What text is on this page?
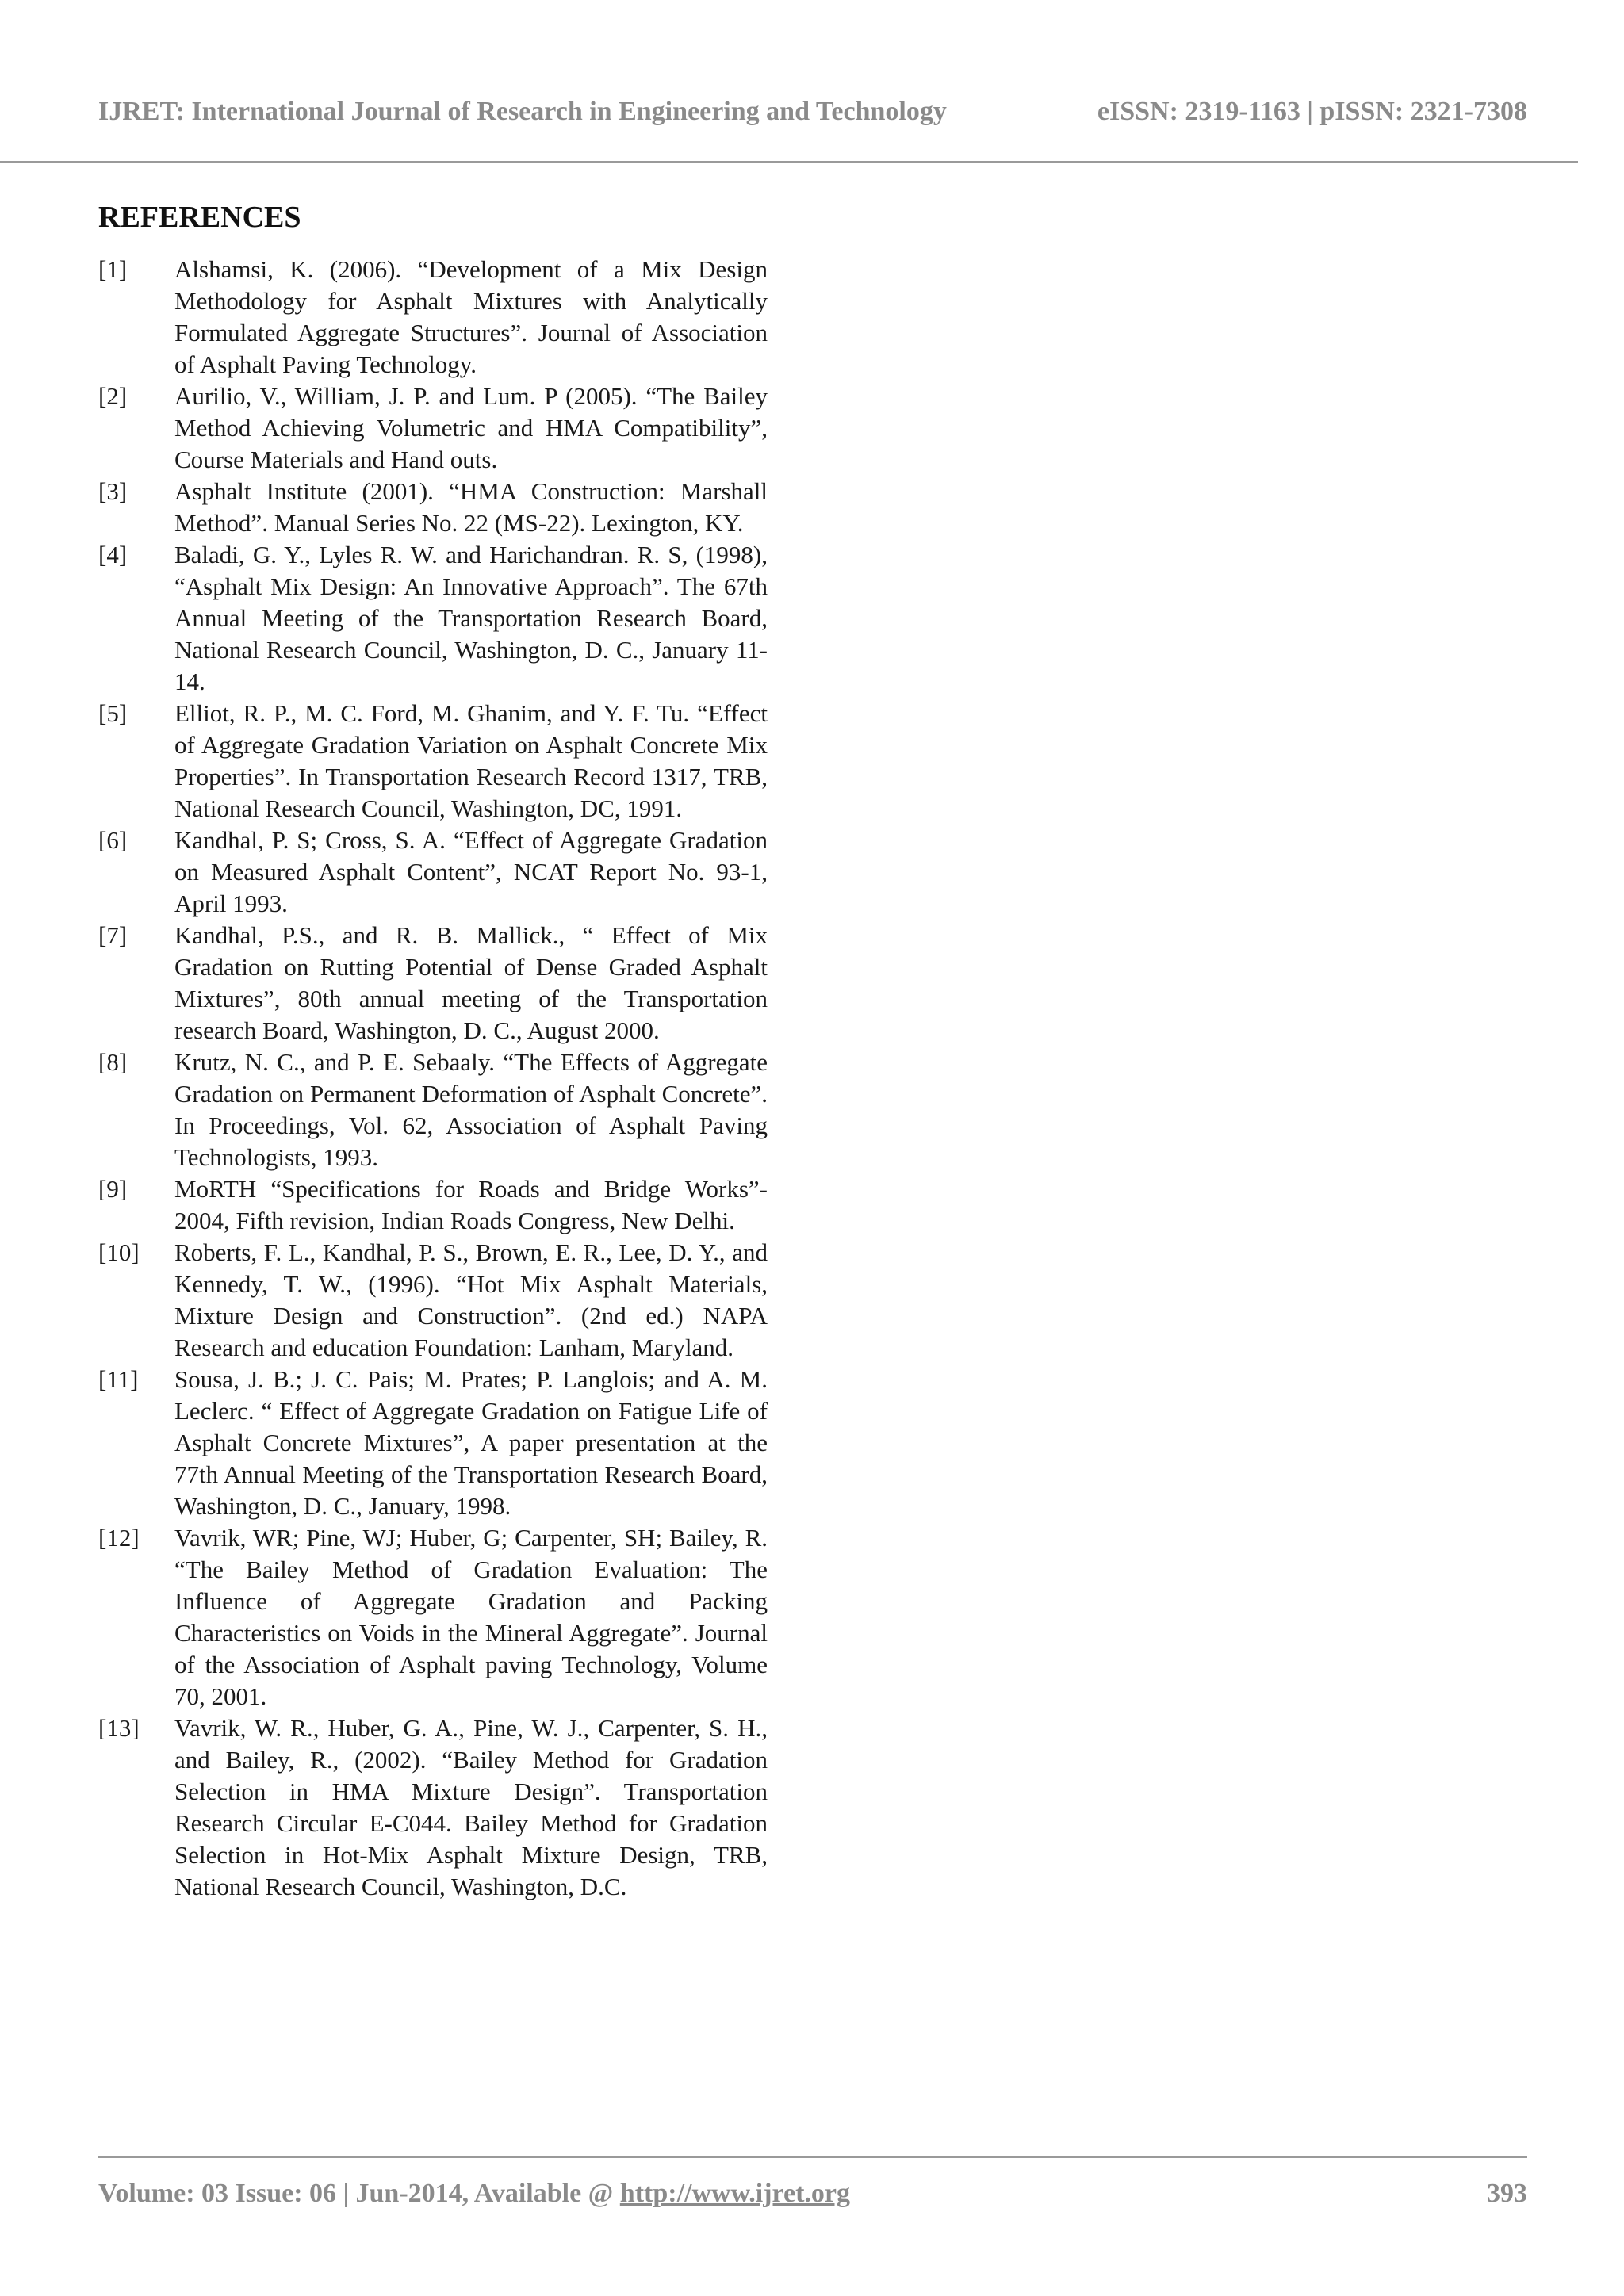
IJRET: International Journal of Research in Engineering and Technology	eISSN: 2319-1163 | pISSN: 2321-7308
REFERENCES
[1]	Alshamsi, K. (2006). “Development of a Mix Design Methodology for Asphalt Mixtures with Analytically Formulated Aggregate Structures”. Journal of Association of Asphalt Paving Technology.
[2]	Aurilio, V., William, J. P. and Lum. P (2005). “The Bailey Method Achieving Volumetric and HMA Compatibility”, Course Materials and Hand outs.
[3]	Asphalt Institute (2001). “HMA Construction: Marshall Method”. Manual Series No. 22 (MS-22). Lexington, KY.
[4]	Baladi, G. Y., Lyles R. W. and Harichandran. R. S, (1998), “Asphalt Mix Design: An Innovative Approach”. The 67th Annual Meeting of the Transportation Research Board, National Research Council, Washington, D. C., January 11-14.
[5]	Elliot, R. P., M. C. Ford, M. Ghanim, and Y. F. Tu. “Effect of Aggregate Gradation Variation on Asphalt Concrete Mix Properties”. In Transportation Research Record 1317, TRB, National Research Council, Washington, DC, 1991.
[6]	Kandhal, P. S; Cross, S. A. “Effect of Aggregate Gradation on Measured Asphalt Content”, NCAT Report No. 93-1, April 1993.
[7]	Kandhal, P.S., and R. B. Mallick., “ Effect of Mix Gradation on Rutting Potential of Dense Graded Asphalt Mixtures”, 80th annual meeting of the Transportation research Board, Washington, D. C., August 2000.
[8]	Krutz, N. C., and P. E. Sebaaly. “The Effects of Aggregate Gradation on Permanent Deformation of Asphalt Concrete”. In Proceedings, Vol. 62, Association of Asphalt Paving Technologists, 1993.
[9]	MoRTH “Specifications for Roads and Bridge Works”- 2004, Fifth revision, Indian Roads Congress, New Delhi.
[10]	Roberts, F. L., Kandhal, P. S., Brown, E. R., Lee, D. Y., and Kennedy, T. W., (1996). “Hot Mix Asphalt Materials, Mixture Design and Construction”. (2nd ed.) NAPA Research and education Foundation: Lanham, Maryland.
[11]	Sousa, J. B.; J. C. Pais; M. Prates; P. Langlois; and A. M. Leclerc. “ Effect of Aggregate Gradation on Fatigue Life of Asphalt Concrete Mixtures”, A paper presentation at the 77th Annual Meeting of the Transportation Research Board, Washington, D. C., January, 1998.
[12]	Vavrik, WR; Pine, WJ; Huber, G; Carpenter, SH; Bailey, R. “The Bailey Method of Gradation Evaluation: The Influence of Aggregate Gradation and Packing Characteristics on Voids in the Mineral Aggregate”. Journal of the Association of Asphalt paving Technology, Volume 70, 2001.
[13]	Vavrik, W. R., Huber, G. A., Pine, W. J., Carpenter, S. H., and Bailey, R., (2002). “Bailey Method for Gradation Selection in HMA Mixture Design”. Transportation Research Circular E-C044. Bailey Method for Gradation Selection in Hot-Mix Asphalt Mixture Design, TRB, National Research Council, Washington, D.C.
Volume: 03 Issue: 06 | Jun-2014, Available @ http://www.ijret.org	393
